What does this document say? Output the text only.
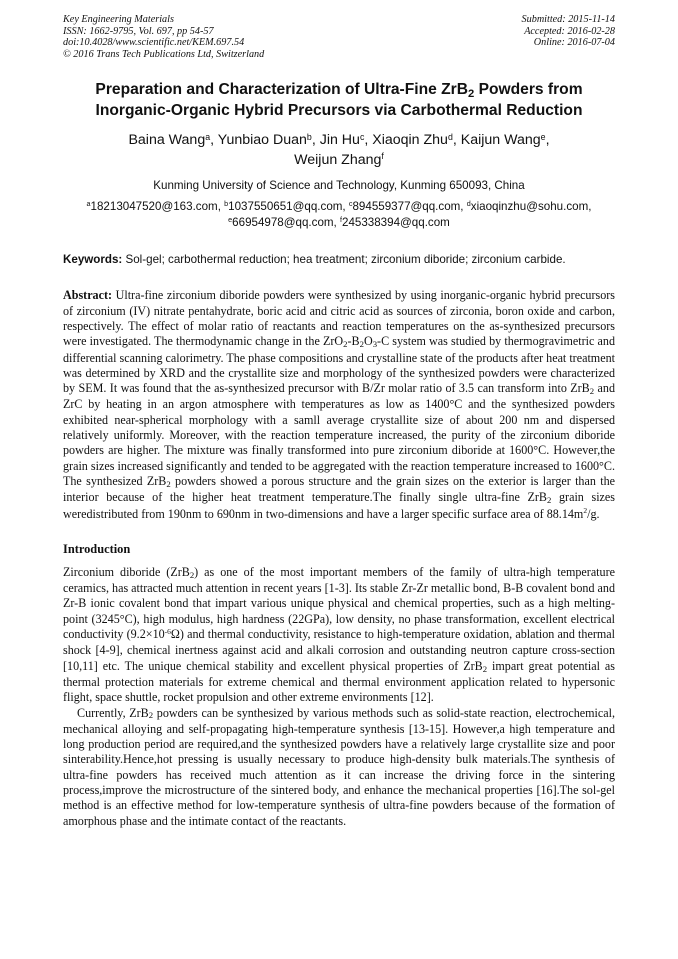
Key Engineering Materials
ISSN: 1662-9795, Vol. 697, pp 54-57
doi:10.4028/www.scientific.net/KEM.697.54
© 2016 Trans Tech Publications Ltd, Switzerland
Submitted: 2015-11-14
Accepted: 2016-02-28
Online: 2016-07-04
Preparation and Characterization of Ultra-Fine ZrB$_2$ Powders from
Inorganic-Organic Hybrid Precursors via Carbothermal Reduction
Baina Wang$^a$, Yunbiao Duan$^b$, Jin Hu$^c$, Xiaoqin Zhu$^d$, Kaijun Wang$^e$,
Weijun Zhang$^f$
Kunming University of Science and Technology, Kunming 650093, China
$^a$18213047520@163.com, $^b$1037550651@qq.com, $^c$894559377@qq.com, $^d$xiaoqinzhu@sohu.com,
$^e$66954978@qq.com, $^f$245338394@qq.com
Keywords: Sol-gel; carbothermal reduction; hea treatment; zirconium diboride; zirconium carbide.
Abstract: Ultra-fine zirconium diboride powders were synthesized by using inorganic-organic hybrid precursors of zirconium (IV) nitrate pentahydrate, boric acid and citric acid as sources of zirconia, boron oxide and carbon, respectively. The effect of molar ratio of reactants and reaction temperatures on the as-synthesized precursors were investigated. The thermodynamic change in the $ZrO_2-B_2O_3-C$ system was studied by thermogravimetric and differential scanning calorimetry. The phase compositions and crystalline state of the products after heat treatment was determined by XRD and the crystallite size and morphology of the synthesized powders were characterized by SEM. It was found that the as-synthesized precursor with B/Zr molar ratio of 3.5 can transform into ZrB$_2$ and ZrC by heating in an argon atmosphere with temperatures as low as 1400°C and the synthesized powders exhibited near-spherical morphology with a samll average crystallite size of about 200 nm and dispersed relatively uniformly. Moreover, with the reaction temperature increased, the purity of the zirconium diboride powders are higher. The mixture was finally transformed into pure zirconium diboride at 1600°C. However,the grain sizes increased significantly and tended to be aggregated with the reaction temperature increased to 1600°C. The synthesized ZrB$_2$ powders showed a porous structure and the grain sizes on the exterior is larger than the interior because of the higher heat treatment temperature.The finally single ultra-fine ZrB$_2$ grain sizes weredistributed from 190nm to 690nm in two-dimensions and have a larger specific surface area of $88.14m^2/g$.
Introduction
Zirconium diboride (ZrB$_2$) as one of the most important members of the family of ultra-high temperature ceramics, has attracted much attention in recent years [1-3]. Its stable Zr-Zr metallic bond, B-B covalent bond and Zr-B ionic covalent bond that impart various unique physical and chemical properties, such as a high melting-point (3245°C), high modulus, high hardness (22GPa), low density, no phase transformation, excellent electrical conductivity $(9.2\times 10^{-6}\Omega)$ and thermal conductivity, resistance to high-temperature oxidation, ablation and thermal shock [4-9], chemical inertness against acid and alkali corrosion and outstanding neutron capture cross-section [10,11] etc. The unique chemical stability and excellent physical properties of ZrB$_2$ impart great potential as thermal protection materials for extreme chemical and thermal environment application related to hypersonic flight, space shuttle, rocket propulsion and other extreme environments [12].
Currently, ZrB$_2$ powders can be synthesized by various methods such as solid-state reaction, electrochemical, mechanical alloying and self-propagating high-temperature synthesis [13-15]. However,a high temperature and long production period are required,and the synthesized powders have a relatively large crystallite size and poor sinterability.Hence,hot pressing is usually necessary to produce high-density bulk materials.The synthesis of ultra-fine powders has received much attention as it can increase the driving force in the sintering process,improve the microstructure of the sintered body, and enhance the mechanical properties [16].The sol-gel method is an effective method for low-temperature synthesis of ultra-fine powders because of the formation of amorphous phase and the intimate contact of the reactants.
